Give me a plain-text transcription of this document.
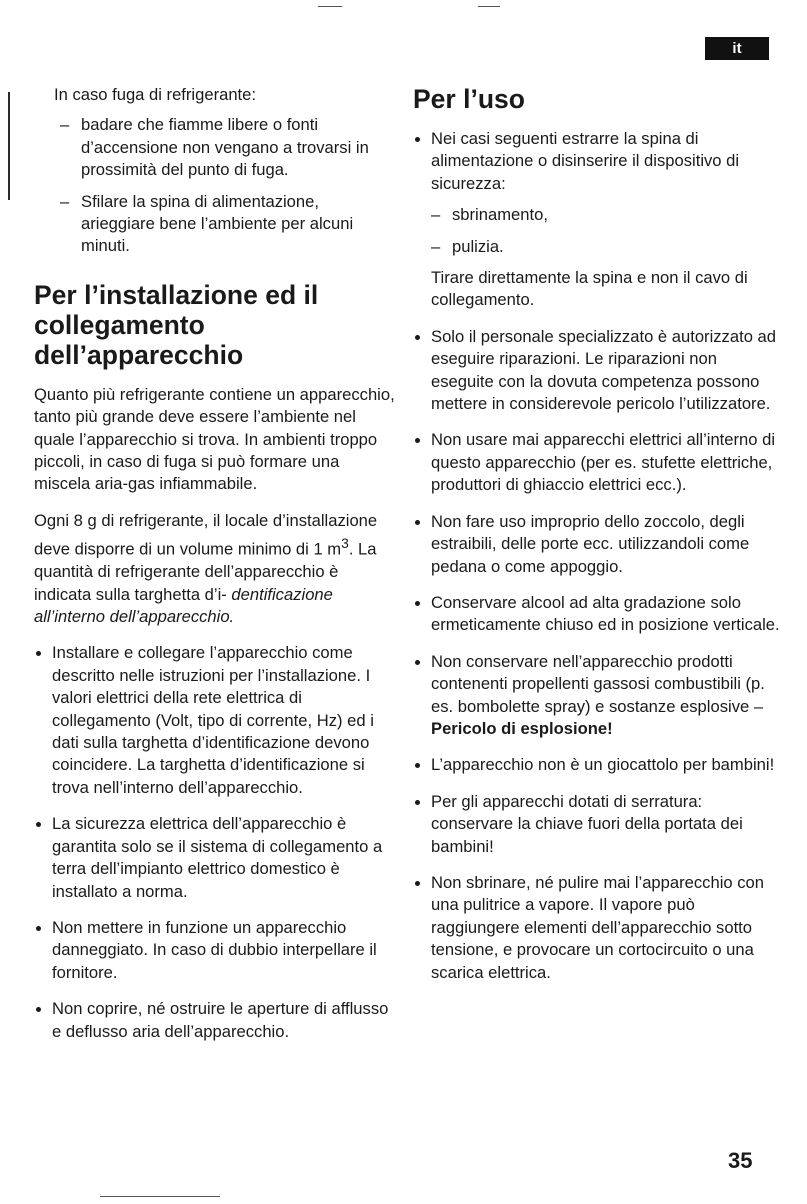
it

In caso fuga di refrigerante:

– badare che fiamme libere o fonti d’accensione non vengano a trovarsi in prossimità del punto di fuga.
– Sfilare la spina di alimentazione, arieggiare bene l’ambiente per alcuni minuti.
Per l’installazione ed il collegamento dell’apparecchio

Quanto più refrigerante contiene un apparecchio, tanto più grande deve essere l’ambiente nel quale l’apparecchio si trova. In ambienti troppo piccoli, in caso di fuga si può formare una miscela aria-gas infiammabile.

Ogni 8 g di refrigerante, il locale d’installazione deve disporre di un volume minimo di 1 $m^3$. La quantità di refrigerante dell’apparecchio è indicata sulla targhetta d’i- dentificazione all’interno dell’apparecchio.

Installare e collegare l’apparecchio come descritto nelle istruzioni per l’installazione. I valori elettrici della rete elettrica di collegamento (Volt, tipo di corrente, Hz) ed i dati sulla targhetta d’identificazione devono coincidere. La targhetta d’identificazione si trova nell’interno dell’apparecchio.
La sicurezza elettrica dell’apparecchio è garantita solo se il sistema di collegamento a terra dell’impianto elettrico domestico è installato a norma.
Non mettere in funzione un apparecchio danneggiato. In caso di dubbio interpellare il fornitore.
Non coprire, né ostruire le aperture di afflusso e deflusso aria dell’apparecchio.
Per l’uso
Nei casi seguenti estrarre la spina di alimentazione o disinserire il dispositivo di sicurezza:
– sbrinamento,
– pulizia.
Tirare direttamente la spina e non il cavo di collegamento.
Solo il personale specializzato è autorizzato ad eseguire riparazioni. Le riparazioni non eseguite con la dovuta competenza possono mettere in considerevole pericolo l’utilizzatore.
Non usare mai apparecchi elettrici all’interno di questo apparecchio (per es. stufette elettriche, produttori di ghiaccio elettrici ecc.).
Non fare uso improprio dello zoccolo, degli estraibili, delle porte ecc. utilizzandoli come pedana o come appoggio.
Conservare alcool ad alta gradazione solo ermeticamente chiuso ed in posizione verticale.
Non conservare nell’apparecchio prodotti contenenti propellenti gassosi combustibili (p. es. bombolette spray) e sostanze esplosive – Pericolo di esplosione!
L’apparecchio non è un giocattolo per bambini!
Per gli apparecchi dotati di serratura: conservare la chiave fuori della portata dei bambini!
Non sbrinare, né pulire mai l’apparecchio con una pulitrice a vapore. Il vapore può raggiungere elementi dell’apparecchio sotto tensione, e provocare un cortocircuito o una scarica elettrica.
35
